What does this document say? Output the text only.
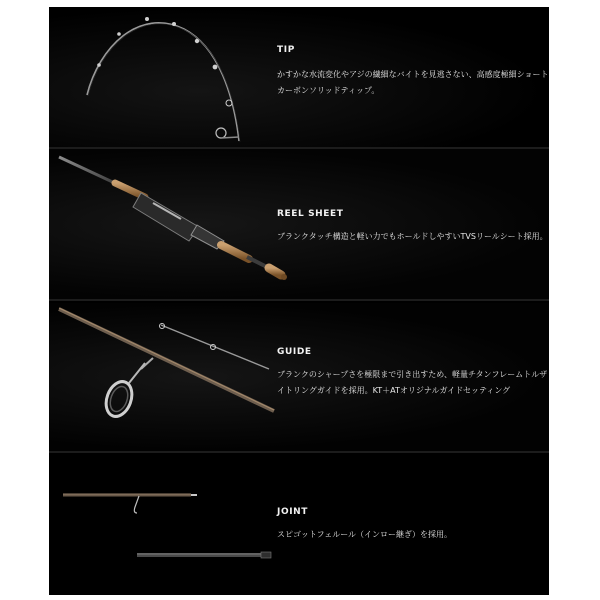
TIP
かすかな水流変化やアジの繊細なバイトを見逃さない、高感度極細ショート
カーボンソリッドティップ。
REEL SHEET
ブランクタッチ構造と軽い力でもホールドしやすいTVSリールシート採用。
GUIDE
ブランクのシャープさを極限まで引き出すため、軽量チタンフレームトルザ
イトリングガイドを採用。KT＋ATオリジナルガイドセッティング
JOINT
スピゴットフェルール（インロー継ぎ）を採用。
